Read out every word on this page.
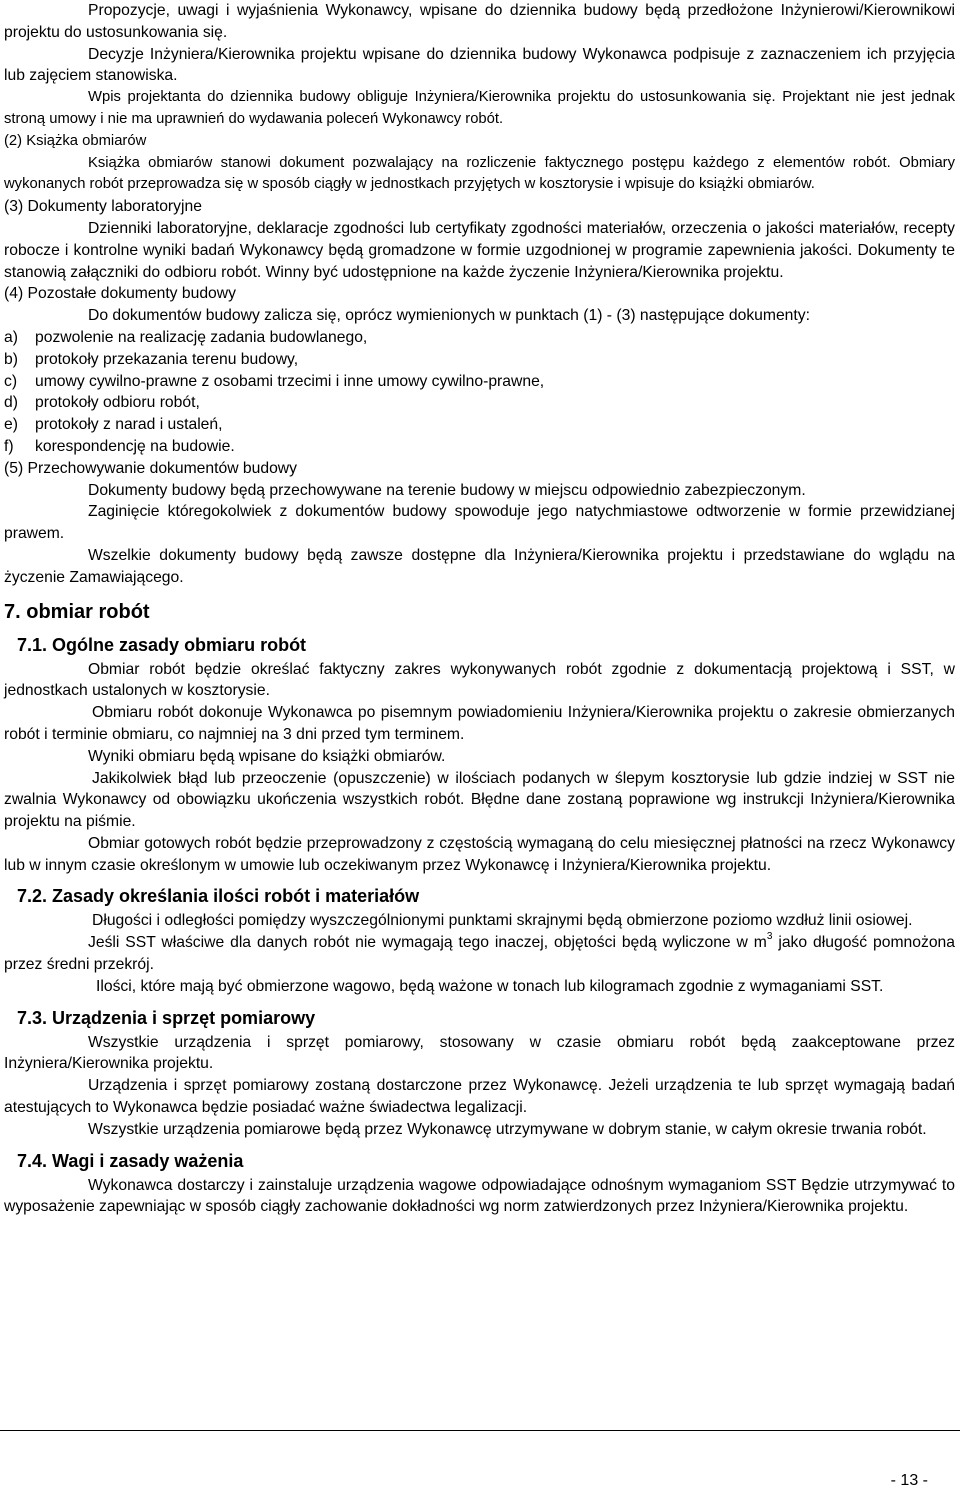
Propozycje, uwagi i wyjaśnienia Wykonawcy, wpisane do dziennika budowy będą przedłożone Inżynierowi/Kierownikowi projektu do ustosunkowania się.

Decyzje Inżyniera/Kierownika projektu wpisane do dziennika budowy Wykonawca podpisuje z zaznaczeniem ich przyjęcia lub zajęciem stanowiska.

Wpis projektanta do dziennika budowy obliguje Inżyniera/Kierownika projektu do ustosunkowania się. Projektant nie jest jednak stroną umowy i nie ma uprawnień do wydawania poleceń Wykonawcy robót.

(2) Książka obmiarów

Książka obmiarów stanowi dokument pozwalający na rozliczenie faktycznego postępu każdego z elementów robót. Obmiary wykonanych robót przeprowadza się w sposób ciągły w jednostkach przyjętych w kosztorysie i wpisuje do książki obmiarów.

(3) Dokumenty laboratoryjne

Dzienniki laboratoryjne, deklaracje zgodności lub certyfikaty zgodności materiałów, orzeczenia o jakości materiałów, recepty robocze i kontrolne wyniki badań Wykonawcy będą gromadzone w formie uzgodnionej w programie zapewnienia jakości. Dokumenty te stanowią załączniki do odbioru robót. Winny być udostępnione na każde życzenie Inżyniera/Kierownika projektu.

(4) Pozostałe dokumenty budowy

Do dokumentów budowy zalicza się, oprócz wymienionych w punktach (1) - (3) następujące dokumenty:

a)	pozwolenie na realizację zadania budowlanego,
b)	protokoły przekazania terenu budowy,
c)	umowy cywilno-prawne z osobami trzecimi i inne umowy cywilno-prawne,
d)	protokoły odbioru robót,
e)	protokoły z narad i ustaleń,
f)	korespondencję na budowie.

(5) Przechowywanie dokumentów budowy

Dokumenty budowy będą przechowywane na terenie budowy w miejscu odpowiednio zabezpieczonym.

Zaginięcie któregokolwiek z dokumentów budowy spowoduje jego natychmiastowe odtworzenie w formie przewidzianej prawem.

Wszelkie dokumenty budowy będą zawsze dostępne dla Inżyniera/Kierownika projektu i przedstawiane do wglądu na życzenie Zamawiającego.

7. obmiar robót
7.1. Ogólne zasady obmiaru robót

Obmiar robót będzie określać faktyczny zakres wykonywanych robót zgodnie z dokumentacją projektową i SST, w jednostkach ustalonych w kosztorysie.

Obmiaru robót dokonuje Wykonawca po pisemnym powiadomieniu Inżyniera/Kierownika projektu o zakresie obmierzanych robót i terminie obmiaru, co najmniej na 3 dni przed tym terminem.

Wyniki obmiaru będą wpisane do książki obmiarów.

Jakikolwiek błąd lub przeoczenie (opuszczenie) w ilościach podanych w ślepym kosztorysie lub gdzie indziej w SST nie zwalnia Wykonawcy od obowiązku ukończenia wszystkich robót. Błędne dane zostaną poprawione wg instrukcji Inżyniera/Kierownika projektu na piśmie.

Obmiar gotowych robót będzie przeprowadzony z częstością wymaganą do celu miesięcznej płatności na rzecz Wykonawcy lub w innym czasie określonym w umowie lub oczekiwanym przez Wykonawcę i Inżyniera/Kierownika projektu.

7.2. Zasady określania ilości robót i materiałów

Długości i odległości pomiędzy wyszczególnionymi punktami skrajnymi będą obmierzone poziomo wzdłuż linii osiowej.

Jeśli SST właściwe dla danych robót nie wymagają tego inaczej, objętości będą wyliczone w $m^3$ jako długość pomnożona przez średni przekrój.

Ilości, które mają być obmierzone wagowo, będą ważone w tonach lub kilogramach zgodnie z wymaganiami SST.

7.3. Urządzenia i sprzęt pomiarowy

Wszystkie urządzenia i sprzęt pomiarowy, stosowany w czasie obmiaru robót będą zaakceptowane przez Inżyniera/Kierownika projektu.

Urządzenia i sprzęt pomiarowy zostaną dostarczone przez Wykonawcę. Jeżeli urządzenia te lub sprzęt wymagają badań atestujących to Wykonawca będzie posiadać ważne świadectwa legalizacji.

Wszystkie urządzenia pomiarowe będą przez Wykonawcę utrzymywane w dobrym stanie, w całym okresie trwania robót.

7.4. Wagi i zasady ważenia

Wykonawca dostarczy i zainstaluje urządzenia wagowe odpowiadające odnośnym wymaganiom SST Będzie utrzymywać to wyposażenie zapewniając w sposób ciągły zachowanie dokładności wg norm zatwierdzonych przez Inżyniera/Kierownika projektu.

- 13 -
